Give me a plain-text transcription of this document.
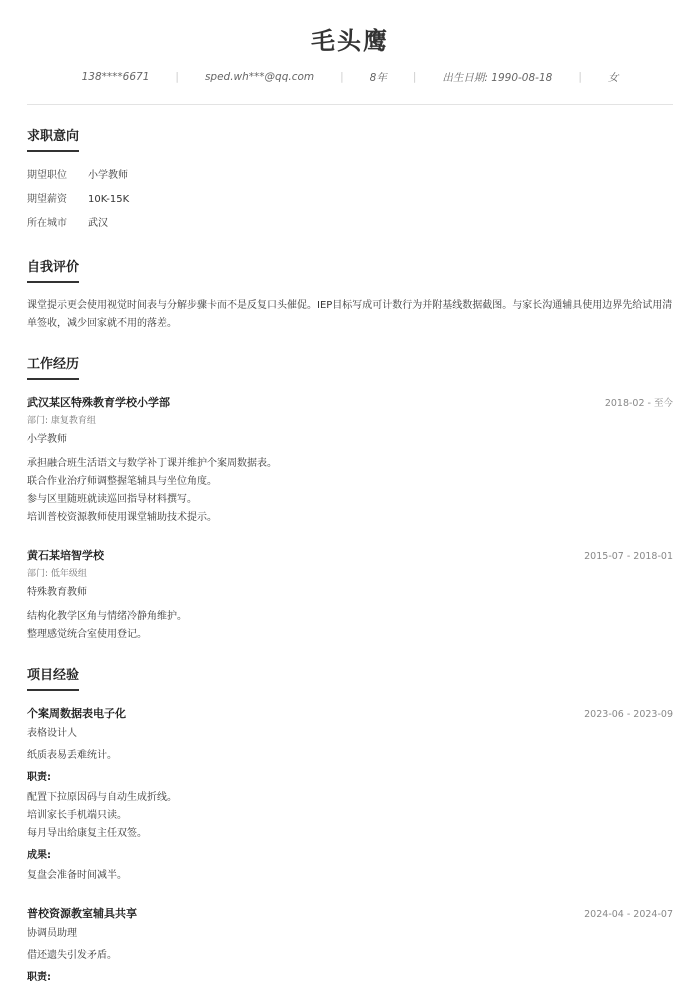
毛头鹰
138****6671	|	sped.wh***@qq.com	|	8年	|	出生日期: 1990-08-18	|	女
求职意向
期望职位	小学教师
期望薪资	10K-15K
所在城市	武汉
自我评价
课堂提示更会使用视觉时间表与分解步骤卡而不是反复口头催促。IEP目标写成可计数行为并附基线数据截图。与家长沟通辅具使用边界先给试用清单签收，减少回家就不用的落差。
工作经历
武汉某区特殊教育学校小学部	2018-02 - 至今
部门: 康复教育组
小学教师
承担融合班生活语文与数学补丁课并维护个案周数据表。
联合作业治疗师调整握笔辅具与坐位角度。
参与区里随班就读巡回指导材料撰写。
培训普校资源教师使用课堂辅助技术提示。
黄石某培智学校	2015-07 - 2018-01
部门: 低年级组
特殊教育教师
结构化教学区角与情绪冷静角维护。
整理感觉统合室使用登记。
项目经验
个案周数据表电子化	2023-06 - 2023-09
表格设计人
纸质表易丢难统计。
职责:
配置下拉原因码与自动生成折线。
培训家长手机端只读。
每月导出给康复主任双签。
成果:
复盘会准备时间减半。
普校资源教室辅具共享	2024-04 - 2024-07
协调员助理
借还遗失引发矛盾。
职责:
